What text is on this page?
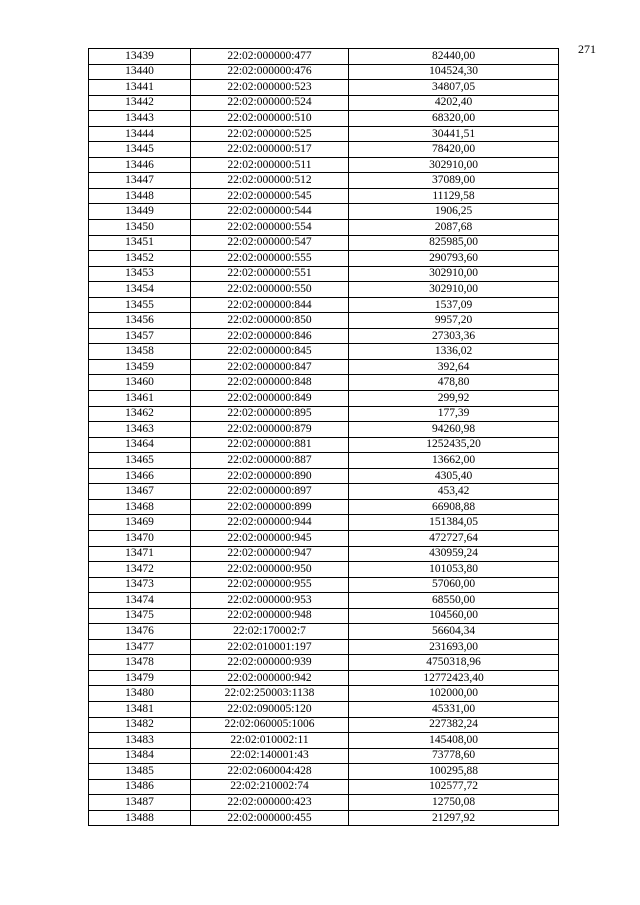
271
13439	22:02:000000:477	82440,00
13440	22:02:000000:476	104524,30
13441	22:02:000000:523	34807,05
13442	22:02:000000:524	4202,40
13443	22:02:000000:510	68320,00
13444	22:02:000000:525	30441,51
13445	22:02:000000:517	78420,00
13446	22:02:000000:511	302910,00
13447	22:02:000000:512	37089,00
13448	22:02:000000:545	11129,58
13449	22:02:000000:544	1906,25
13450	22:02:000000:554	2087,68
13451	22:02:000000:547	825985,00
13452	22:02:000000:555	290793,60
13453	22:02:000000:551	302910,00
13454	22:02:000000:550	302910,00
13455	22:02:000000:844	1537,09
13456	22:02:000000:850	9957,20
13457	22:02:000000:846	27303,36
13458	22:02:000000:845	1336,02
13459	22:02:000000:847	392,64
13460	22:02:000000:848	478,80
13461	22:02:000000:849	299,92
13462	22:02:000000:895	177,39
13463	22:02:000000:879	94260,98
13464	22:02:000000:881	1252435,20
13465	22:02:000000:887	13662,00
13466	22:02:000000:890	4305,40
13467	22:02:000000:897	453,42
13468	22:02:000000:899	66908,88
13469	22:02:000000:944	151384,05
13470	22:02:000000:945	472727,64
13471	22:02:000000:947	430959,24
13472	22:02:000000:950	101053,80
13473	22:02:000000:955	57060,00
13474	22:02:000000:953	68550,00
13475	22:02:000000:948	104560,00
13476	22:02:170002:7	56604,34
13477	22:02:010001:197	231693,00
13478	22:02:000000:939	4750318,96
13479	22:02:000000:942	12772423,40
13480	22:02:250003:1138	102000,00
13481	22:02:090005:120	45331,00
13482	22:02:060005:1006	227382,24
13483	22:02:010002:11	145408,00
13484	22:02:140001:43	73778,60
13485	22:02:060004:428	100295,88
13486	22:02:210002:74	102577,72
13487	22:02:000000:423	12750,08
13488	22:02:000000:455	21297,92
